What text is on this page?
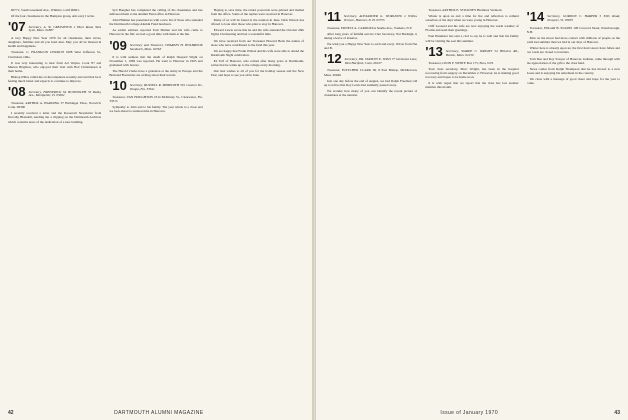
60771; South Greenleaf Ave., Whittier, Calif 90601.

Of the four classmates in the Hampton group, Am sorry I write.

'07 Secretary, A. W. CREIGHTON 2 Hunt Road, West Lynn, Mass. 01887

A very Happy New Year 1970 for all classmates, their wives, daughters, families and all you hold dear. May you all be blessed in health and happiness.

Treasurer, C. FRANKLIN CHURCH 1908 West Jefferson St., Cincinnati, Ohio.

It was very interesting to hear from Art Wayne, Cook '67 and Marion Brighton, who enjoyed their visit with Bob Christiansen at their home.

Bishop Nilles called me on the telephone recently and said that he is feeling much better and expects to continue to improve.

'08 Secretary, FREDERICK M. BOWDOLPH 53 Bailey Ave., Montpelier, Vt. 05602

Treasurer, ARTHUR A. HARDING 37 Harbinger Place, Norwich, Conn. 06360

I recently received a letter and the Roosevelt Newsletter from Dorothy Blaisdell, sending me a clipping on the Dartmouth Archives which contains news of the dedication of a new building.

Syd Baugher has completed the calling of his classmates and has delivered them to the Alumni Fund office in Hanover.

John Hinman has presented us with a new list of those who attended the Dartmouth College Alumni Fund luncheon.

As earlier editions reported Tom Mullen and his wife came to Hanover in the fall; we had a good time with them at the Inn.

'09 Secretary and Treasurer, CHARLES H. HOLBROOK Sandwich, Mass. 02563

It is with sadness that the death of Ralph Shepard Wight on November 1, 1969 was reported. He went to Hanover in 1905 and graduated with honors.

The Harold Clarks have a grandson at the Army in Europe and the Bertrand Bostwicks are writing about their travels.

'10 Secretary, RUSSELL R. MEREDITH 501 Cannon Dr., Tampa, Fla. 33611

Treasurer, VAN HOUGHTON 2314 McKinley St., Clearwater, Fla. 33515

Sympathy to John and to his family. The year winds to a close and we look ahead to reunion time in Hanover.

Hoping to save time, the return postcards were printed and mailed from the office. Some of the replies were received in Hanover.

Many of us will be found at the reunion in June. Dick Warren has offered to look after those who plan to stay in Hanover.

Edward Lewis wrote that he and his wife attended the October 26th Sigma Chi meeting and had a wonderful time.

We have received from our Treasurer Howard Betts the names of those who have contributed to the fund this year.

We are happy that Frank Wilson and his wife were able to attend the Dartmouth Night celebration.

Ed Tolf of Hanover, who retired after many years at Dartmouth, writes that he walks up to the college every morning.

Our best wishes to all of you for the holiday season and the New Year, and hope to see you all in June.

42	DARTMOUTH ALUMNI MAGAZINE
'11 Secretary, ALEXANDER G. WORLDOW 2 Willow Terrace, Hanover, N. H. 03755

Treasurer, ERNEST A. CARDOZZA Seattle Ave., Yonkers, N.Y.

After long years of faithful service Clan Secretary, Nat Burleigh, is taking a leave of absence.

We wish you a Happy New Year to each and every 1911er from Nat and B.

'12 Secretary, DR. STANLEY E. WILD 77 Glenmont Lane, West Hartford, Conn. 06107

Treasurer, FLETCHER CLARK JR. 8 East Bishop, Middletown, Mass. 20040

Just one day before the end of August, we had Ralph Freeman call up to tell us that Roy Lewis had suddenly passed away.

We wonder how many of you can identify the recent picture of classmates at the reunion.

Treasurer, ARTHUR E. STICKNEY Birdland, Vermont.

Winter is upon us and a time for fire and reflection to remind ourselves of the days when we were young in Hanover.

Cliff Leonard and his wife are now enjoying the warm weather of Florida and send their greetings.

Paul Bannister has sent a card to say he is well and that his family will be visiting the east this summer.

'13 Secretary, WARDE C. WRIGHT 54 Hillview Rd., Boston, Mass. 02130

Treasurer, LEON F. WHITE Box 175, Etna, N.H.

Your class secretary, Marc Wright, has been in the hospital recovering from surgery on December 2. However, he is making good recovery and hopes to be home soon.

It is with regret that we report that the class has lost another member this month.

'14 Secretary, GORDON C. HARPER 5 Ellis Road, Newport, Vt. 05855

Treasurer, EDGAR B. ELKINS 109 Concord Street, Peterborough, N.H.

Men on the moon had more contact with millions of people on the earth last summer than we had in our days of Hanover.

Winter here is already upon us; the first hard snows have fallen and our roads are closed to travelers.

Tom Dee and Roy Sawyer of Hanover, Indiana, came through with the appreciation of the gift to the class fund.

News comes from Ralph Thompson that he has moved to a new house and is enjoying his retirement in the country.

We close with a message of good cheer and hope for the year to come.

Issue of January 1970	43
